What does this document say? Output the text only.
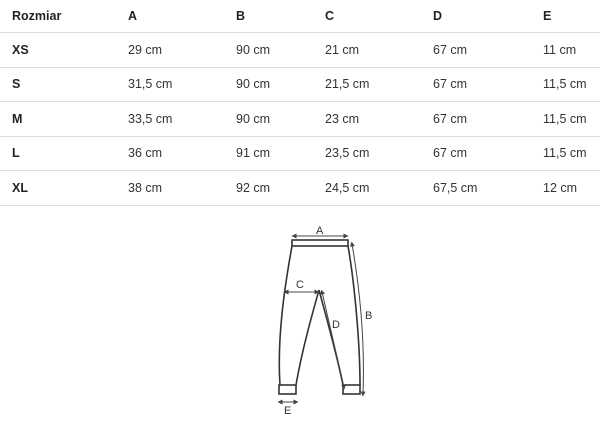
Rozmiar	A	B	C	D	E
XS	29 cm	90 cm	21 cm	67 cm	11 cm
S	31,5 cm	90 cm	21,5 cm	67 cm	11,5 cm
M	33,5 cm	90 cm	23 cm	67 cm	11,5 cm
L	36 cm	91 cm	23,5 cm	67 cm	11,5 cm
XL	38 cm	92 cm	24,5 cm	67,5 cm	12 cm
A
B
C
D
E
